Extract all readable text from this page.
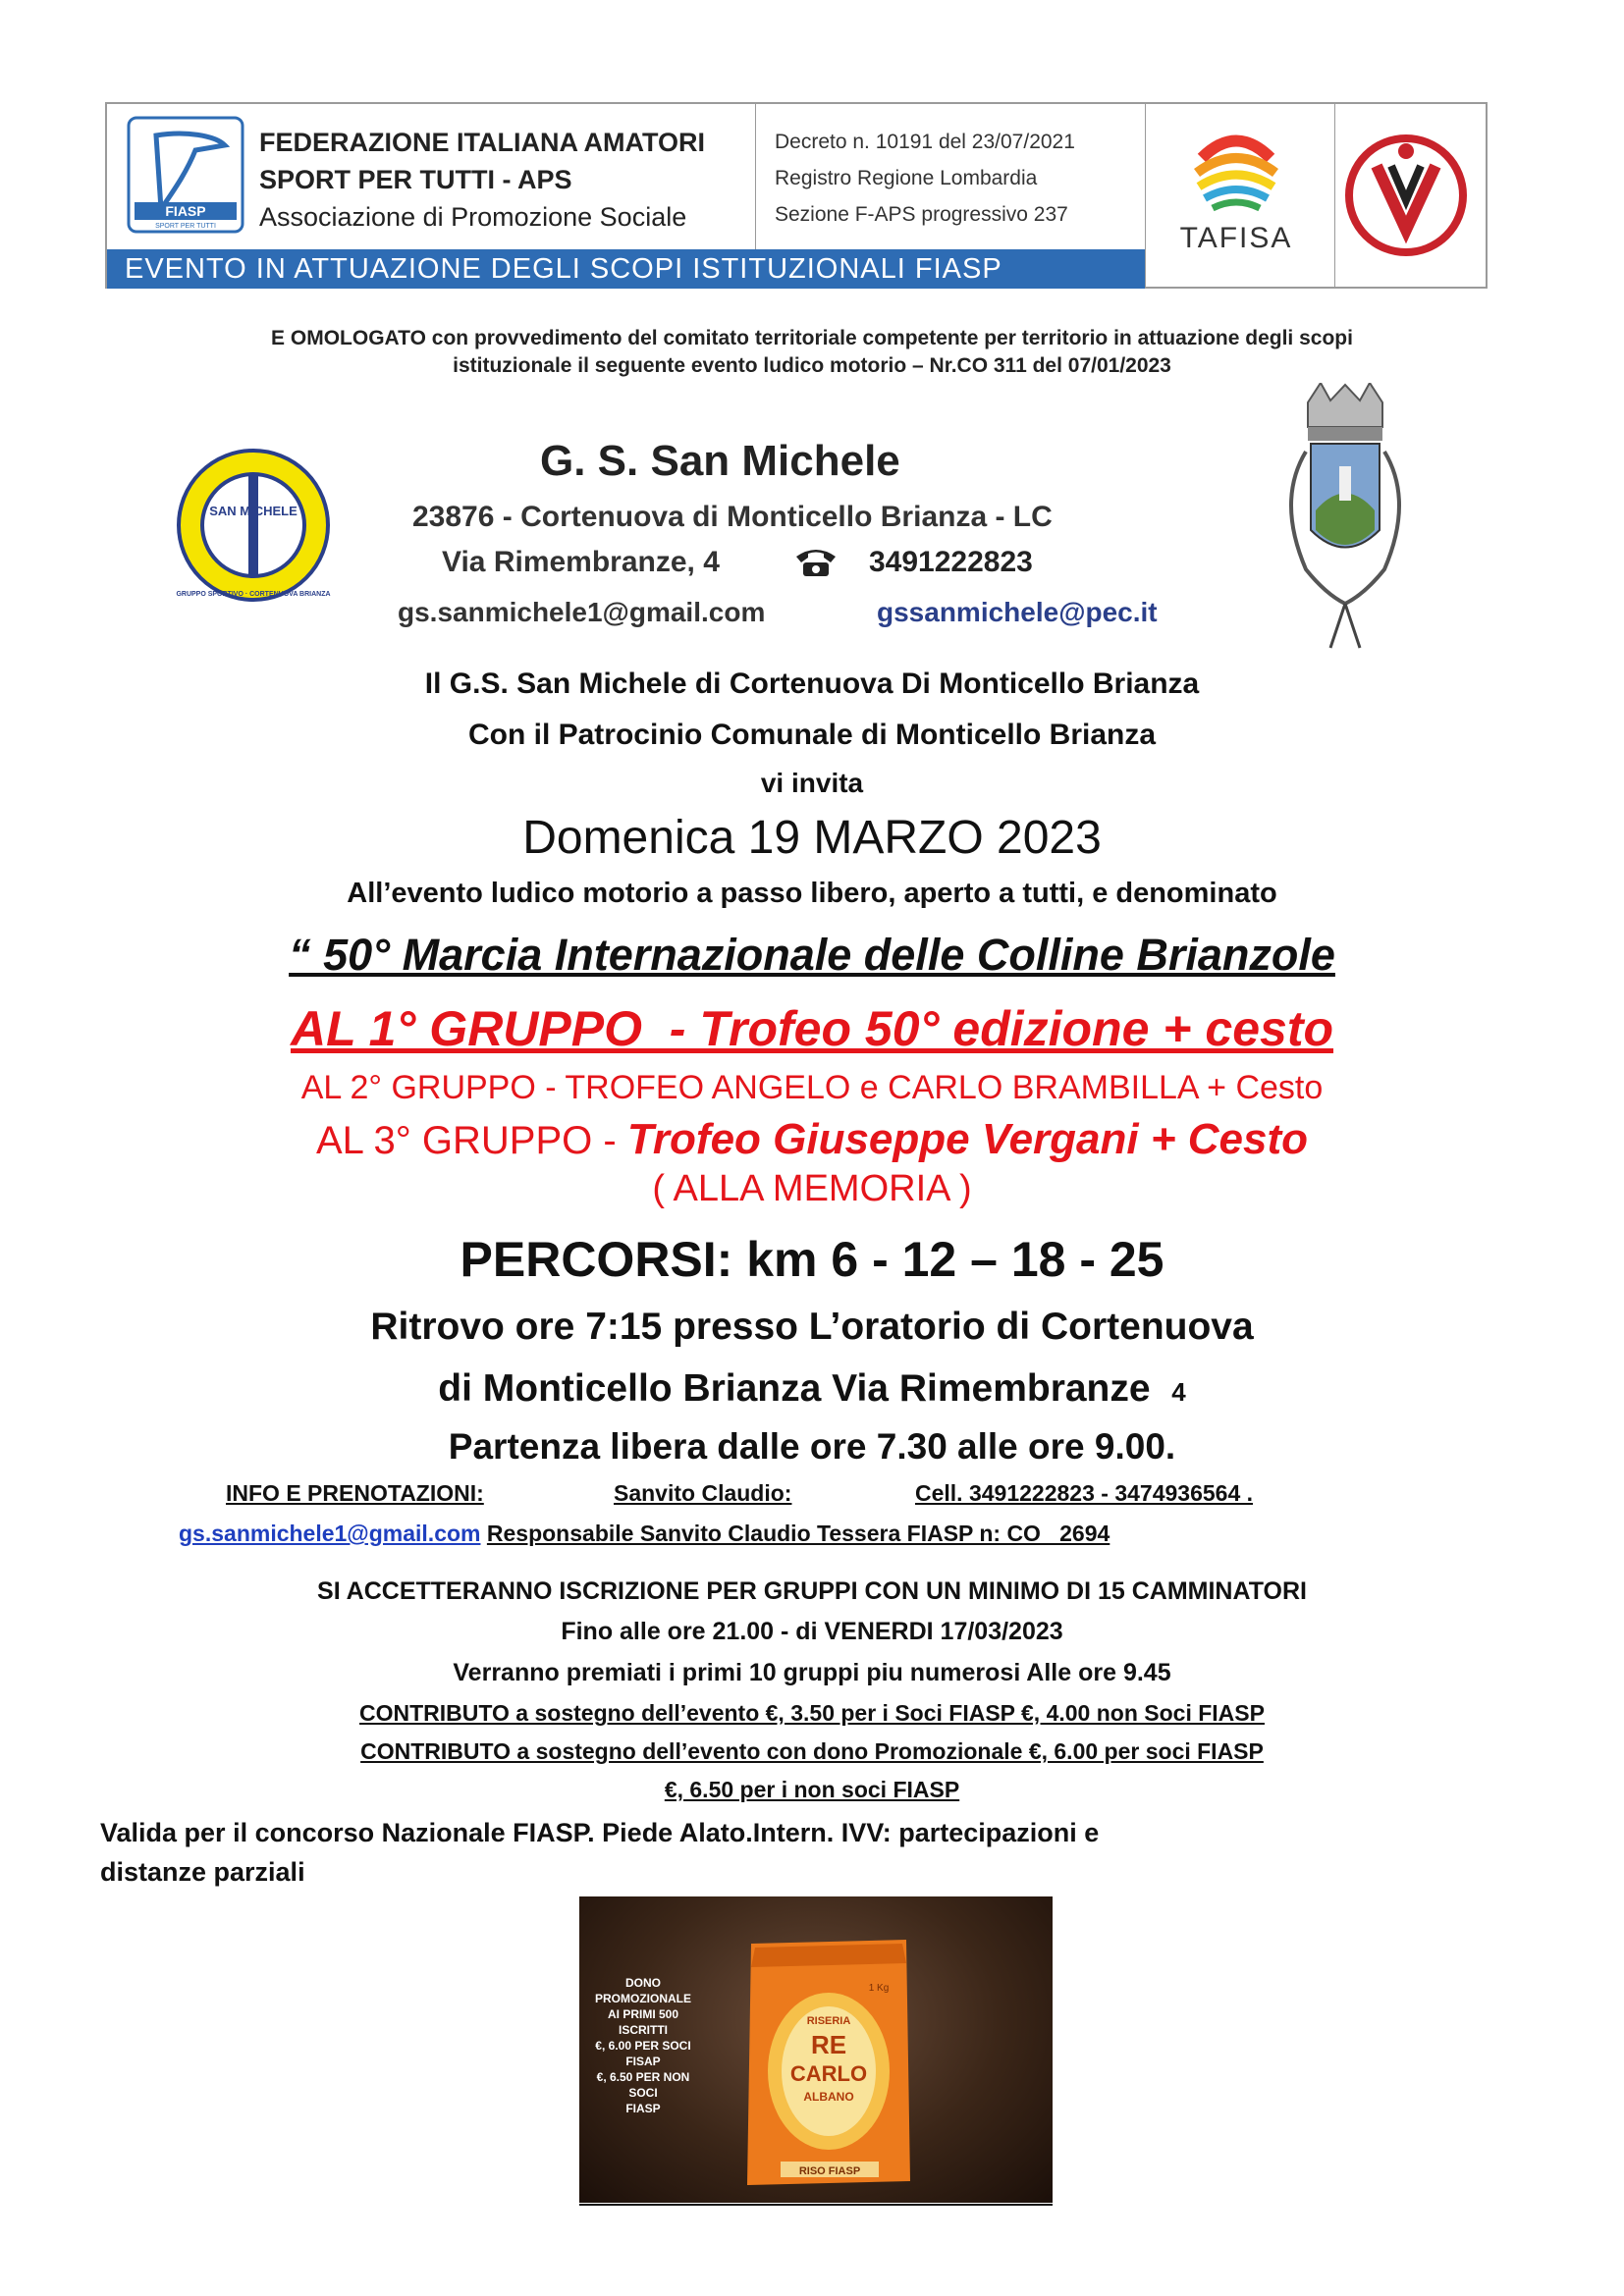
FIASP
SPORT PER TUTTI
FEDERAZIONE ITALIANA AMATORI
SPORT PER TUTTI - APS
Associazione di Promozione Sociale
Decreto n. 10191 del 23/07/2021
Registro Regione Lombardia
Sezione F-APS progressivo 237
EVENTO IN ATTUAZIONE DEGLI SCOPI ISTITUZIONALI FIASP
TAFISA
E OMOLOGATO con provvedimento del comitato territoriale competente per territorio in attuazione degli scopi
istituzionale il seguente evento ludico motorio – Nr.CO 311 del 07/01/2023
SAN MICHELE
GRUPPO SPORTIVO · CORTENUOVA BRIANZA
G. S. San Michele
23876 - Cortenuova di Monticello Brianza - LC
Via Rimembranze, 4	3491222823
gs.sanmichele1@gmail.com	gssanmichele@pec.it
Il G.S. San Michele di Cortenuova Di Monticello Brianza
Con il Patrocinio Comunale di Monticello Brianza
vi invita
Domenica 19 MARZO 2023
All’evento ludico motorio a passo libero, aperto a tutti, e denominato
“ 50° Marcia Internazionale delle Colline Brianzole
AL 1° GRUPPO_- Trofeo 50° edizione + cesto
AL 2° GRUPPO - TROFEO ANGELO e CARLO BRAMBILLA + Cesto
AL 3° GRUPPO - Trofeo Giuseppe Vergani + Cesto
( ALLA MEMORIA )
PERCORSI: km 6 - 12 – 18 - 25
Ritrovo ore 7:15 presso L’oratorio di Cortenuova
di Monticello Brianza Via Rimembranze 4
Partenza libera dalle ore 7.30 alle ore 9.00.
INFO E PRENOTAZIONI:	Sanvito Claudio:	Cell. 3491222823 - 3474936564 .
gs.sanmichele1@gmail.com Responsabile Sanvito Claudio Tessera FIASP n: CO_ 2694
SI ACCETTERANNO ISCRIZIONE PER GRUPPI CON UN MINIMO DI 15 CAMMINATORI
Fino alle ore 21.00 - di VENERDI 17/03/2023
Verranno premiati i primi 10 gruppi piu numerosi Alle ore 9.45
CONTRIBUTO a sostegno dell’evento €, 3.50 per i Soci FIASP €, 4.00 non Soci FIASP
CONTRIBUTO a sostegno dell’evento con dono Promozionale €, 6.00 per soci FIASP
€, 6.50 per i non soci FIASP
Valida per il concorso Nazionale FIASP. Piede Alato.Intern. IVV: partecipazioni e
distanze parziali
DONO
PROMOZIONALE
AI PRIMI 500 ISCRITTI
€, 6.00 PER SOCI
FISAP
€, 6.50 PER NON SOCI
FIASP
RISERIA
RE
CARLO
ALBANO
1 Kg
RISO FIASP
